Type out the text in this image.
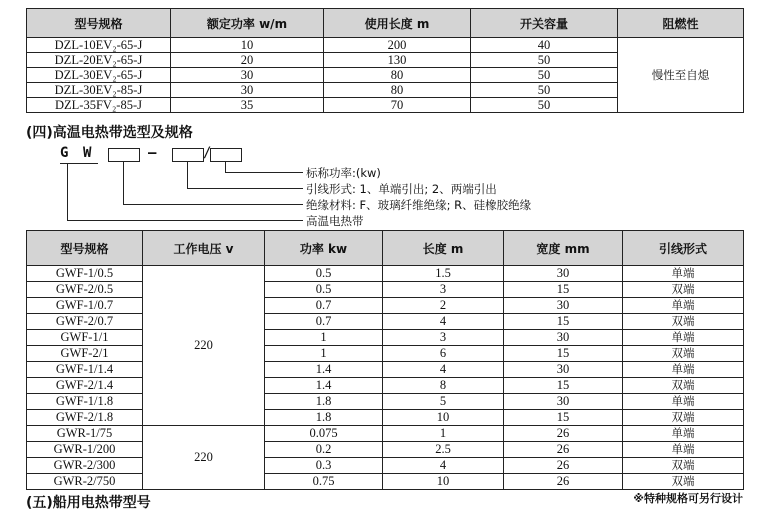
型号规格	额定功率 w/m	使用长度 m	开关容量	阻燃性
DZL-10EV₂-65-J	10	200	40	慢性至自熄
DZL-20EV₂-65-J	20	130	50	
DZL-30EV₂-65-J	30	80	50	
DZL-30EV₂-85-J	30	80	50	
DZL-35FV₂-85-J	35	70	50	
(四)高温电热带选型及规格
G W	–	/
标称功率:(kw)
引线形式: 1、单端引出; 2、两端引出
绝缘材料: F、玻璃纤维绝缘; R、硅橡胶绝缘
高温电热带
型号规格	工作电压 v	功率 kw	长度 m	宽度 mm	引线形式
GWF-1/0.5	220	0.5	1.5	30	单端
GWF-2/0.5		0.5	3	15	双端
GWF-1/0.7		0.7	2	30	单端
GWF-2/0.7		0.7	4	15	双端
GWF-1/1		1	3	30	单端
GWF-2/1		1	6	15	双端
GWF-1/1.4		1.4	4	30	单端
GWF-2/1.4		1.4	8	15	双端
GWF-1/1.8		1.8	5	30	单端
GWF-2/1.8		1.8	10	15	双端
GWR-1/75	220	0.075	1	26	单端
GWR-1/200		0.2	2.5	26	单端
GWR-2/300		0.3	4	26	双端
GWR-2/750		0.75	10	26	双端
(五)船用电热带型号	※特种规格可另行设计
